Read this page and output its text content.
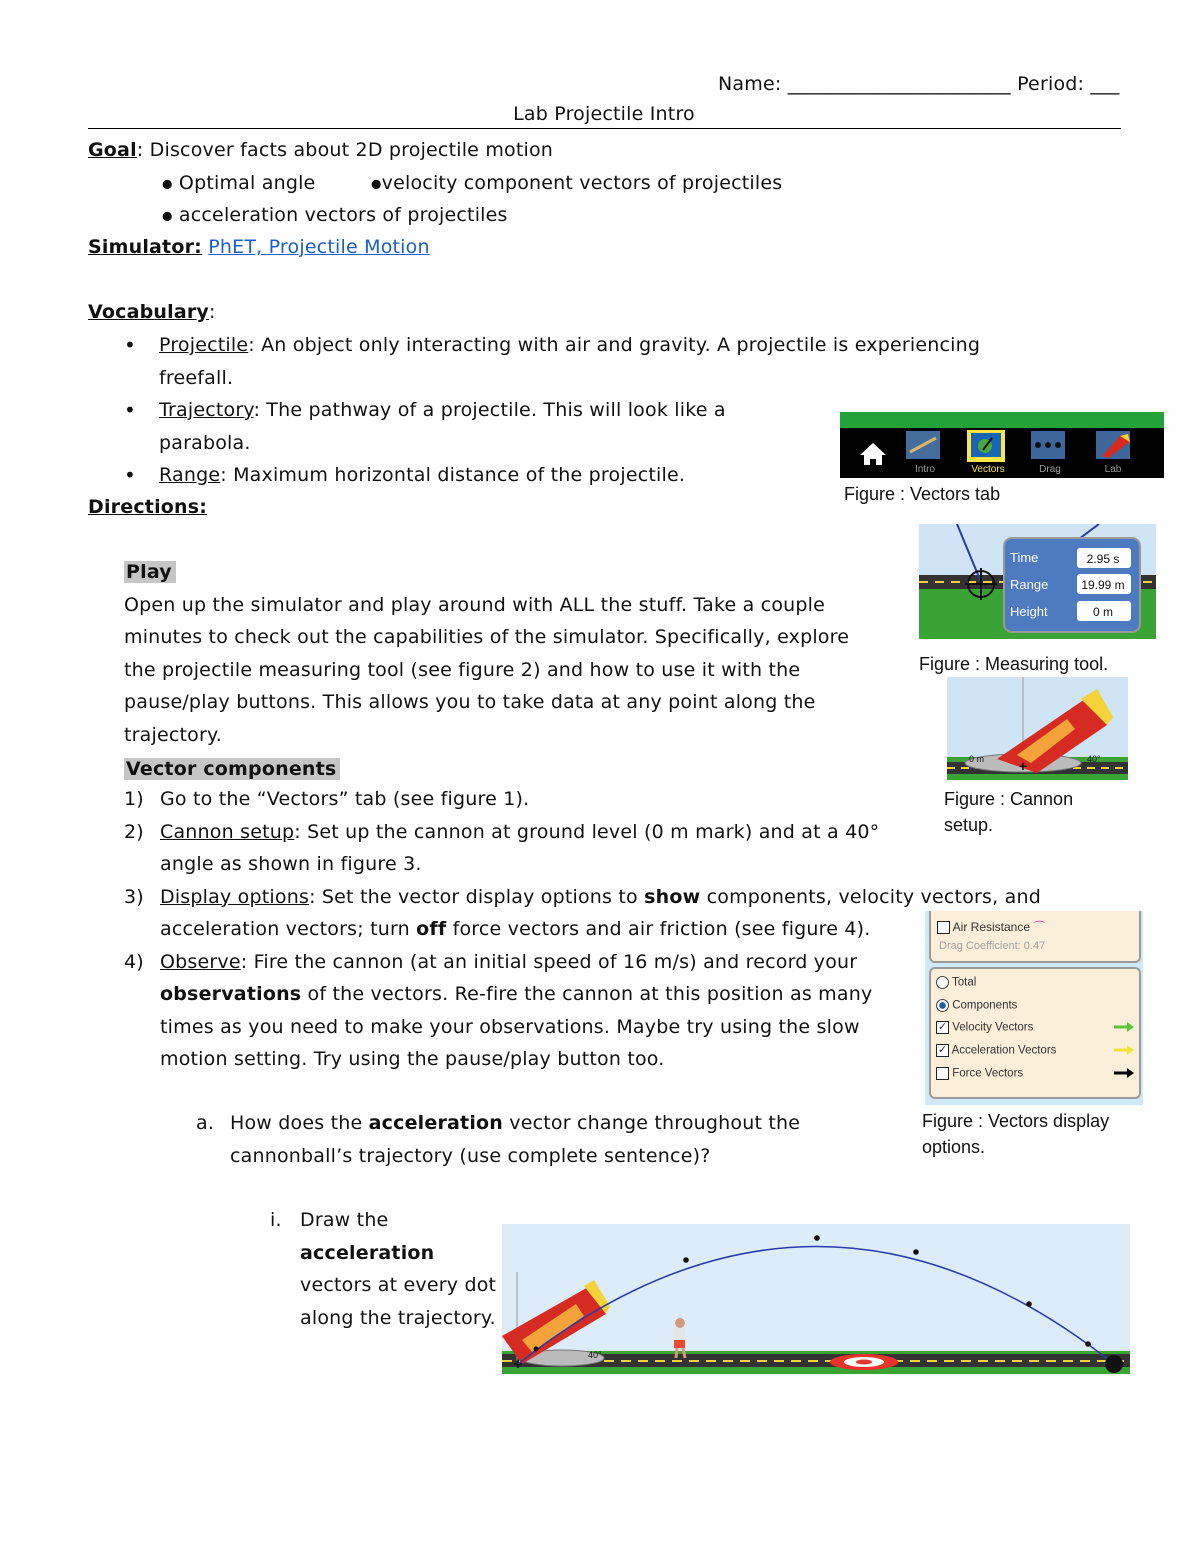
Name: _______________________ Period: ___
Lab Projectile Intro
Goal: Discover facts about 2D projectile motion
● Optimal angle	●velocity component vectors of projectiles
● acceleration vectors of projectiles
Simulator: PhET, Projectile Motion
Vocabulary:
• Projectile: An object only interacting with air and gravity. A projectile is experiencing freefall.
• Trajectory: The pathway of a projectile. This will look like a parabola.
• Range: Maximum horizontal distance of the projectile.
Directions:
Play
Open up the simulator and play around with ALL the stuff. Take a couple minutes to check out the capabilities of the simulator. Specifically, explore the projectile measuring tool (see figure 2) and how to use it with the pause/play buttons. This allows you to take data at any point along the trajectory.
Vector components
1) Go to the “Vectors” tab (see figure 1).
2) Cannon setup: Set up the cannon at ground level (0 m mark) and at a 40° angle as shown in figure 3.
3) Display options: Set the vector display options to show components, velocity vectors, and acceleration vectors; turn off force vectors and air friction (see figure 4).
4) Observe: Fire the cannon (at an initial speed of 16 m/s) and record your observations of the vectors. Re-fire the cannon at this position as many times as you need to make your observations. Maybe try using the slow motion setting. Try using the pause/play button too.
a. How does the acceleration vector change throughout the cannonball’s trajectory (use complete sentence)?
i. Draw the acceleration vectors at every dot along the trajectory.
Intro	Vectors	Drag	Lab
Figure : Vectors tab
Time	2.95 s
Range	19.99 m
Height	0 m
Figure : Measuring tool.
0 m	40°
+
Figure : Cannon
setup.
Air Resistance ⌒
Drag Coefficient: 0.47
Total
Components
✓ Velocity Vectors
✓ Acceleration Vectors
Force Vectors
Figure : Vectors display
options.
40°
+
